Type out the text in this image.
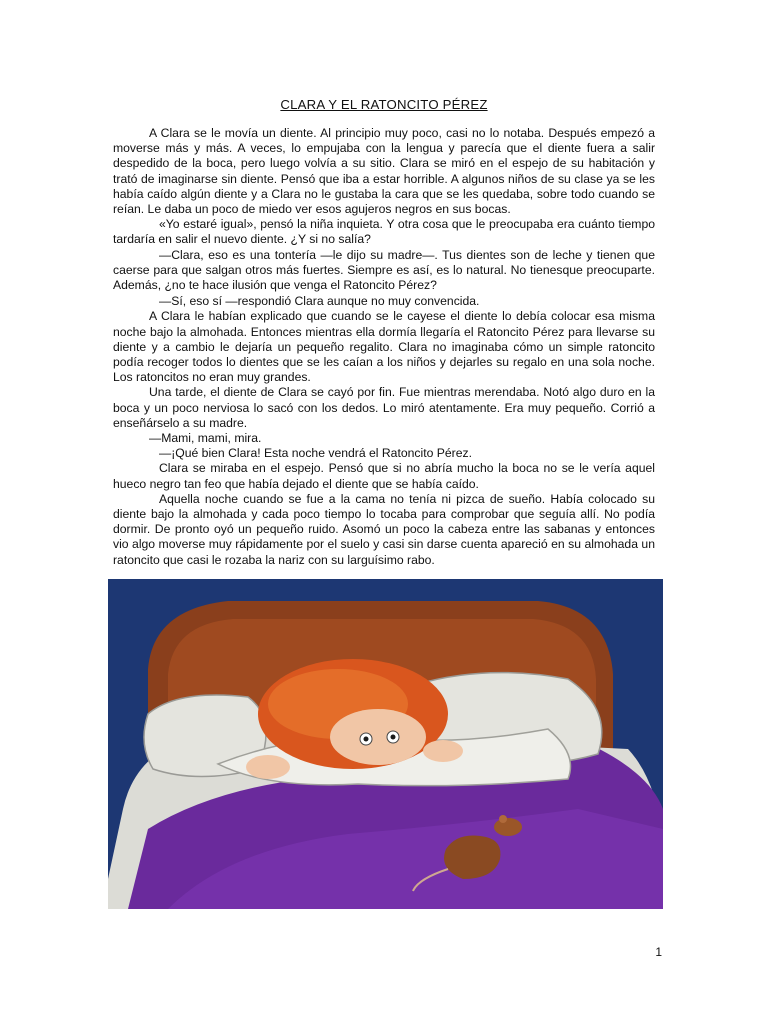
CLARA Y EL RATONCITO PÉREZ

A Clara se le movía un diente. Al principio muy poco, casi no lo notaba. Después empezó a moverse más y más. A veces, lo empujaba con la lengua y parecía que el diente fuera a salir despedido de la boca, pero luego volvía a su sitio. Clara se miró en el espejo de su habitación y trató de imaginarse sin diente. Pensó que iba a estar horrible. A algunos niños de su clase ya se les había caído algún diente y a Clara no le gustaba la cara que se les quedaba, sobre todo cuando se reían. Le daba un poco de miedo ver esos agujeros negros en sus bocas.

«Yo estaré igual», pensó la niña inquieta. Y otra cosa que le preocupaba era cuánto tiempo tardaría en salir el nuevo diente. ¿Y si no salía?

—Clara, eso es una tontería —le dijo su madre—. Tus dientes son de leche y tienen que caerse para que salgan otros más fuertes. Siempre es así, es lo natural. No tienesque preocuparte. Además, ¿no te hace ilusión que venga el Ratoncito Pérez?

—Sí, eso sí —respondió Clara aunque no muy convencida.

A Clara le habían explicado que cuando se le cayese el diente lo debía colocar esa misma noche bajo la almohada. Entonces mientras ella dormía llegaría el Ratoncito Pérez para llevarse su diente y a cambio le dejaría un pequeño regalito. Clara no imaginaba cómo un simple ratoncito podía recoger todos lo dientes que se les caían a los niños y dejarles su regalo en una sola noche. Los ratoncitos no eran muy grandes.

Una tarde, el diente de Clara se cayó por fin. Fue mientras merendaba. Notó algo duro en la boca y un poco nerviosa lo sacó con los dedos. Lo miró atentamente. Era muy pequeño. Corrió a enseñárselo a su madre.

—Mami, mami, mira.

—¡Qué bien Clara! Esta noche vendrá el Ratoncito Pérez.

Clara se miraba en el espejo. Pensó que si no abría mucho la boca no se le vería aquel hueco negro tan feo que había dejado el diente que se había caído.

Aquella noche cuando se fue a la cama no tenía ni pizca de sueño. Había colocado su diente bajo la almohada y cada poco tiempo lo tocaba para comprobar que seguía allí. No podía dormir. De pronto oyó un pequeño ruido. Asomó un poco la cabeza entre las sabanas y entonces vio algo moverse muy rápidamente por el suelo y casi sin darse cuenta apareció en su almohada un ratoncito que casi le rozaba la nariz con su larguísimo rabo.

1
